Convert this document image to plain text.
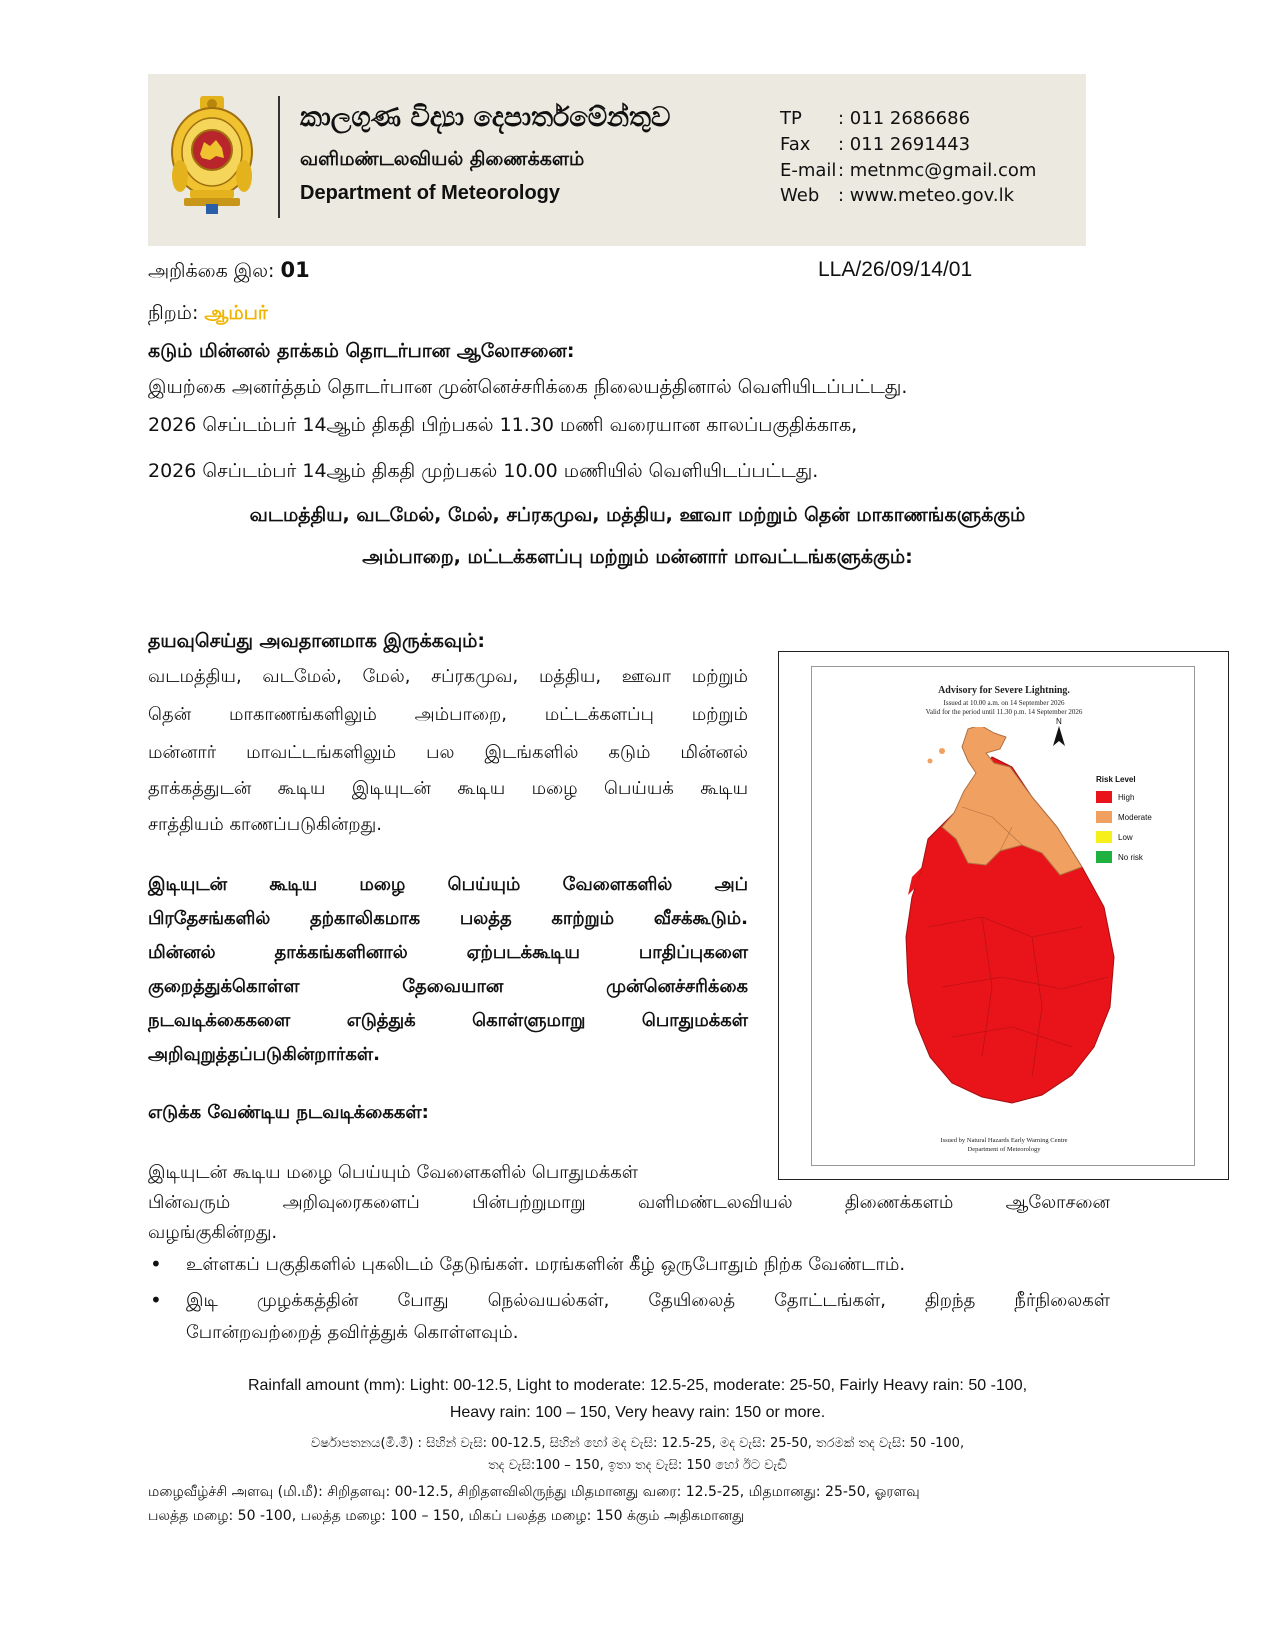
කාලගුණ විද්‍යා දෙපාර්තමේන්තුව
வளிமண்டலவியல் திணைக்களம்
Department of Meteorology
TP : 011 2686686
Fax : 011 2691443
E-mail : metnmc@gmail.com
Web : www.meteo.gov.lk
அறிக்கை இல: 01	LLA/26/09/14/01
நிறம்: ஆம்பர்
கடும் மின்னல் தாக்கம் தொடர்பான ஆலோசனை:
இயற்கை அனர்த்தம் தொடர்பான முன்னெச்சரிக்கை நிலையத்தினால் வெளியிடப்பட்டது.
2026 செப்டம்பர் 14ஆம் திகதி பிற்பகல் 11.30 மணி வரையான காலப்பகுதிக்காக,
2026 செப்டம்பர் 14ஆம் திகதி முற்பகல் 10.00 மணியில் வெளியிடப்பட்டது.
வடமத்திய, வடமேல், மேல், சப்ரகமுவ, மத்திய, ஊவா மற்றும் தென் மாகாணங்களுக்கும்
அம்பாறை, மட்டக்களப்பு மற்றும் மன்னார் மாவட்டங்களுக்கும்:
தயவுசெய்து அவதானமாக இருக்கவும்:
வடமத்திய, வடமேல், மேல், சப்ரகமுவ, மத்திய, ஊவா மற்றும்
தென் மாகாணங்களிலும் அம்பாறை, மட்டக்களப்பு மற்றும்
மன்னார் மாவட்டங்களிலும் பல இடங்களில் கடும் மின்னல்
தாக்கத்துடன் கூடிய இடியுடன் கூடிய மழை பெய்யக் கூடிய
சாத்தியம் காணப்படுகின்றது.
இடியுடன் கூடிய மழை பெய்யும் வேளைகளில் அப்
பிரதேசங்களில் தற்காலிகமாக பலத்த காற்றும் வீசக்கூடும்.
மின்னல் தாக்கங்களினால் ஏற்படக்கூடிய பாதிப்புகளை
குறைத்துக்கொள்ள தேவையான முன்னெச்சரிக்கை
நடவடிக்கைகளை எடுத்துக் கொள்ளுமாறு பொதுமக்கள்
அறிவுறுத்தப்படுகின்றார்கள்.
எடுக்க வேண்டிய நடவடிக்கைகள்:
இடியுடன் கூடிய மழை பெய்யும் வேளைகளில் பொதுமக்கள்
பின்வரும் அறிவுரைகளைப் பின்பற்றுமாறு வளிமண்டலவியல் திணைக்களம் ஆலோசனை
வழங்குகின்றது.
• உள்ளகப் பகுதிகளில் புகலிடம் தேடுங்கள். மரங்களின் கீழ் ஒருபோதும் நிற்க வேண்டாம்.
• இடி முழக்கத்தின் போது நெல்வயல்கள், தேயிலைத் தோட்டங்கள், திறந்த நீர்நிலைகள்
போன்றவற்றைத் தவிர்த்துக் கொள்ளவும்.
Rainfall amount (mm): Light: 00-12.5, Light to moderate: 12.5-25, moderate: 25-50, Fairly Heavy rain: 50 -100,
Heavy rain: 100 – 150, Very heavy rain: 150 or more.
වර්ෂාපතනය(මි.මී) : සිහින් වැසි: 00-12.5, සිහින් හෝ මද වැසි: 12.5-25, මද වැසි: 25-50, තරමක් තද වැසි: 50 -100,
තද වැසි:100 – 150, ඉතා තද වැසි: 150 හෝ ඊට වැඩි
மழைவீழ்ச்சி அளவு (மி.மீ): சிறிதளவு: 00-12.5, சிறிதளவிலிருந்து மிதமானது வரை: 12.5-25, மிதமானது: 25-50, ஓரளவு
பலத்த மழை: 50 -100, பலத்த மழை: 100 – 150, மிகப் பலத்த மழை: 150 க்கும் அதிகமானது
Advisory for Severe Lightning.
Issued at 10.00 a.m. on 14 September 2026
Valid for the period until 11.30 p.m. 14 September 2026
N
Risk Level
High
Moderate
Low
No risk
Issued by Natural Hazards Early Warning Centre
Department of Meteorology
